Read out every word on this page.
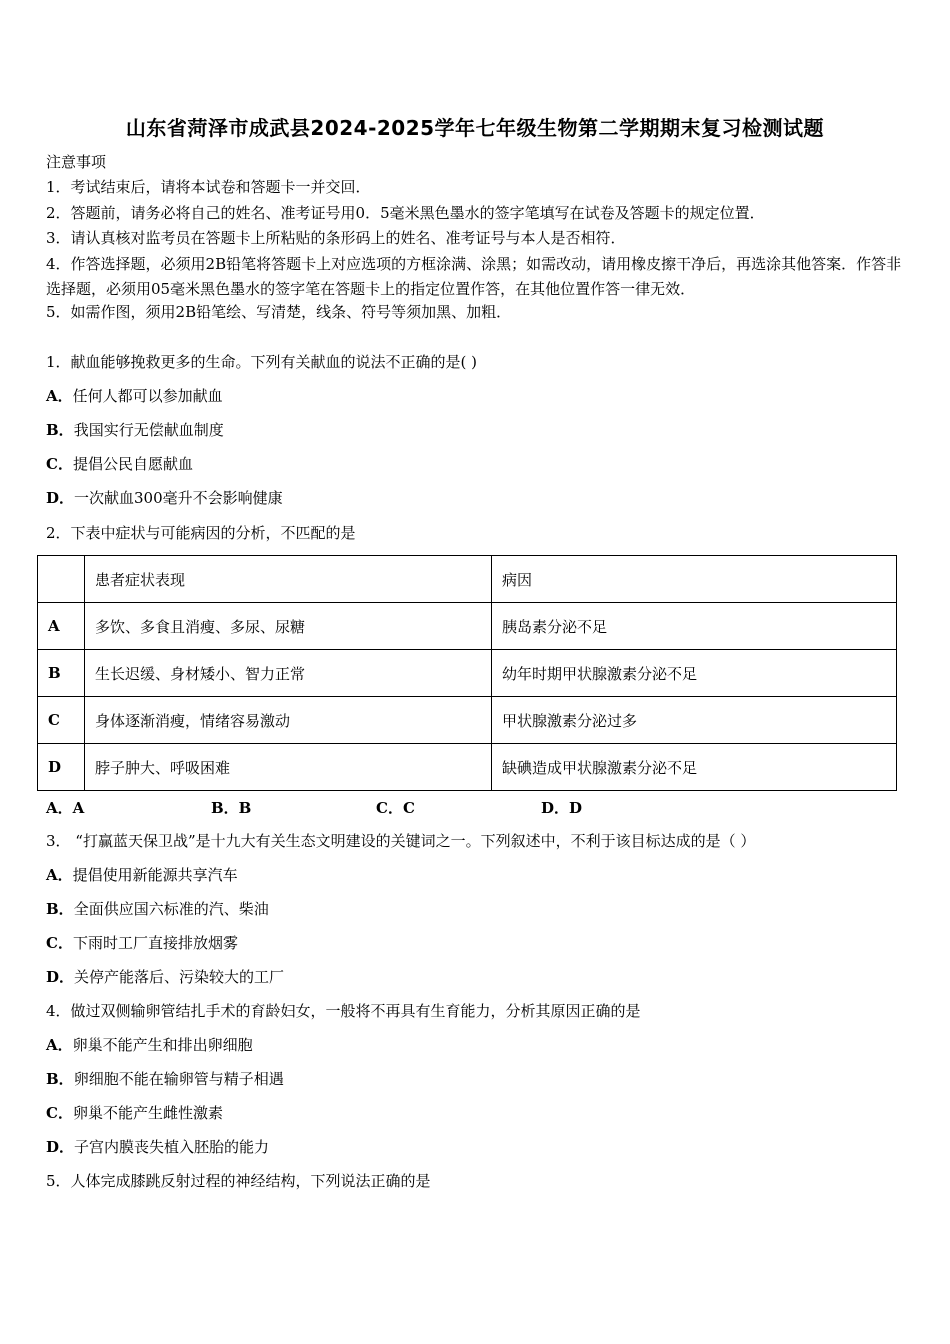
山东省菏泽市成武县2024-2025学年七年级生物第二学期期末复习检测试题
注意事项
1．考试结束后，请将本试卷和答题卡一并交回．
2．答题前，请务必将自己的姓名、准考证号用0．5毫米黑色墨水的签字笔填写在试卷及答题卡的规定位置．
3．请认真核对监考员在答题卡上所粘贴的条形码上的姓名、准考证号与本人是否相符．
4．作答选择题，必须用2B铅笔将答题卡上对应选项的方框涂满、涂黑；如需改动，请用橡皮擦干净后，再选涂其他答案．作答非选择题，必须用05毫米黑色墨水的签字笔在答题卡上的指定位置作答，在其他位置作答一律无效．
5．如需作图，须用2B铅笔绘、写清楚，线条、符号等须加黑、加粗．
1．献血能够挽救更多的生命。下列有关献血的说法不正确的是( )
A．任何人都可以参加献血
B．我国实行无偿献血制度
C．提倡公民自愿献血
D．一次献血300毫升不会影响健康
2．下表中症状与可能病因的分析，不匹配的是
	患者症状表现	病因
A	多饮、多食且消瘦、多尿、尿糖	胰岛素分泌不足
B	生长迟缓、身材矮小、智力正常	幼年时期甲状腺激素分泌不足
C	身体逐渐消瘦，情绪容易激动	甲状腺激素分泌过多
D	脖子肿大、呼吸困难	缺碘造成甲状腺激素分泌不足
A．A	B．B	C．C	D．D
3． “打赢蓝天保卫战”是十九大有关生态文明建设的关键词之一。下列叙述中，不利于该目标达成的是（ ）
A．提倡使用新能源共享汽车
B．全面供应国六标准的汽、柴油
C．下雨时工厂直接排放烟雾
D．关停产能落后、污染较大的工厂
4．做过双侧输卵管结扎手术的育龄妇女，一般将不再具有生育能力，分析其原因正确的是
A．卵巢不能产生和排出卵细胞
B．卵细胞不能在输卵管与精子相遇
C．卵巢不能产生雌性激素
D．子宫内膜丧失植入胚胎的能力
5．人体完成膝跳反射过程的神经结构，下列说法正确的是
